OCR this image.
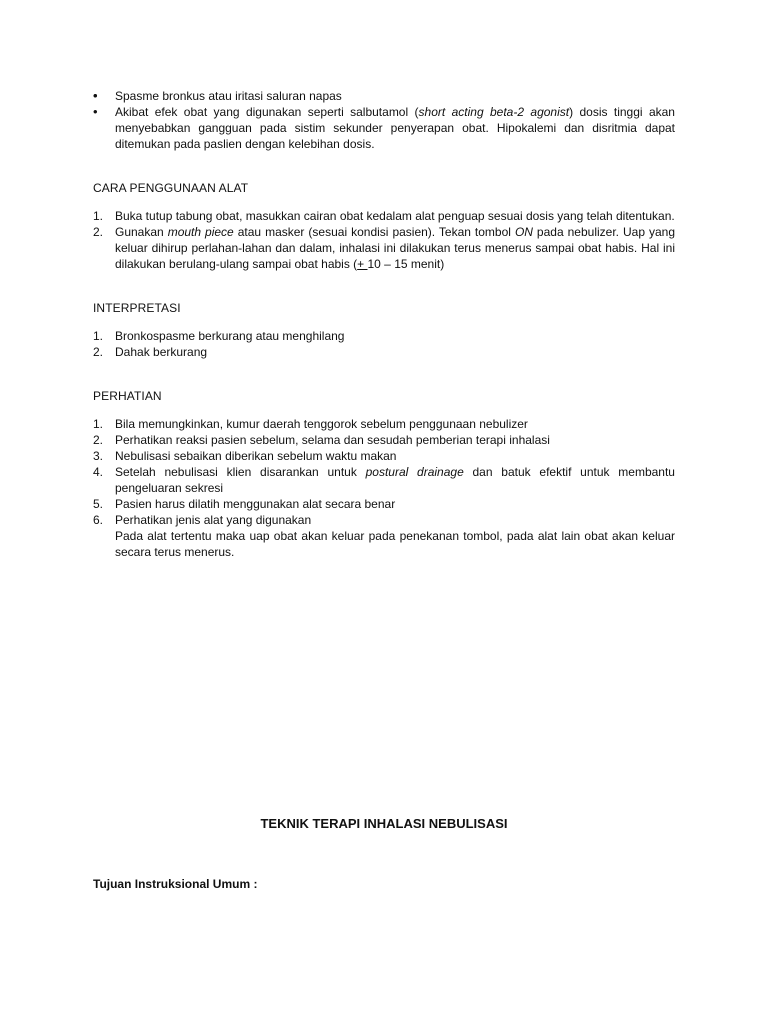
• Spasme bronkus atau iritasi saluran napas
• Akibat efek obat yang digunakan seperti salbutamol (short acting beta-2 agonist) dosis tinggi akan menyebabkan gangguan pada sistim sekunder penyerapan obat. Hipokalemi dan disritmia dapat ditemukan pada paslien dengan kelebihan dosis.

CARA PENGGUNAAN ALAT

1. Buka tutup tabung obat, masukkan cairan obat kedalam alat penguap sesuai dosis yang telah ditentukan.
2. Gunakan mouth piece atau masker (sesuai kondisi pasien). Tekan tombol ON pada nebulizer. Uap yang keluar dihirup perlahan-lahan dan dalam, inhalasi ini dilakukan terus menerus sampai obat habis. Hal ini dilakukan berulang-ulang sampai obat habis (+ 10 – 15 menit)

INTERPRETASI

1. Bronkospasme berkurang atau menghilang
2. Dahak berkurang

PERHATIAN

1. Bila memungkinkan, kumur daerah tenggorok sebelum penggunaan nebulizer
2. Perhatikan reaksi pasien sebelum, selama dan sesudah pemberian terapi inhalasi
3. Nebulisasi sebaikan diberikan sebelum waktu makan
4. Setelah nebulisasi klien disarankan untuk postural drainage dan batuk efektif untuk membantu pengeluaran sekresi
5. Pasien harus dilatih menggunakan alat secara benar
6. Perhatikan jenis alat yang digunakan

Pada alat tertentu maka uap obat akan keluar pada penekanan tombol, pada alat lain obat akan keluar secara terus menerus.

TEKNIK TERAPI INHALASI NEBULISASI

Tujuan Instruksional Umum :
